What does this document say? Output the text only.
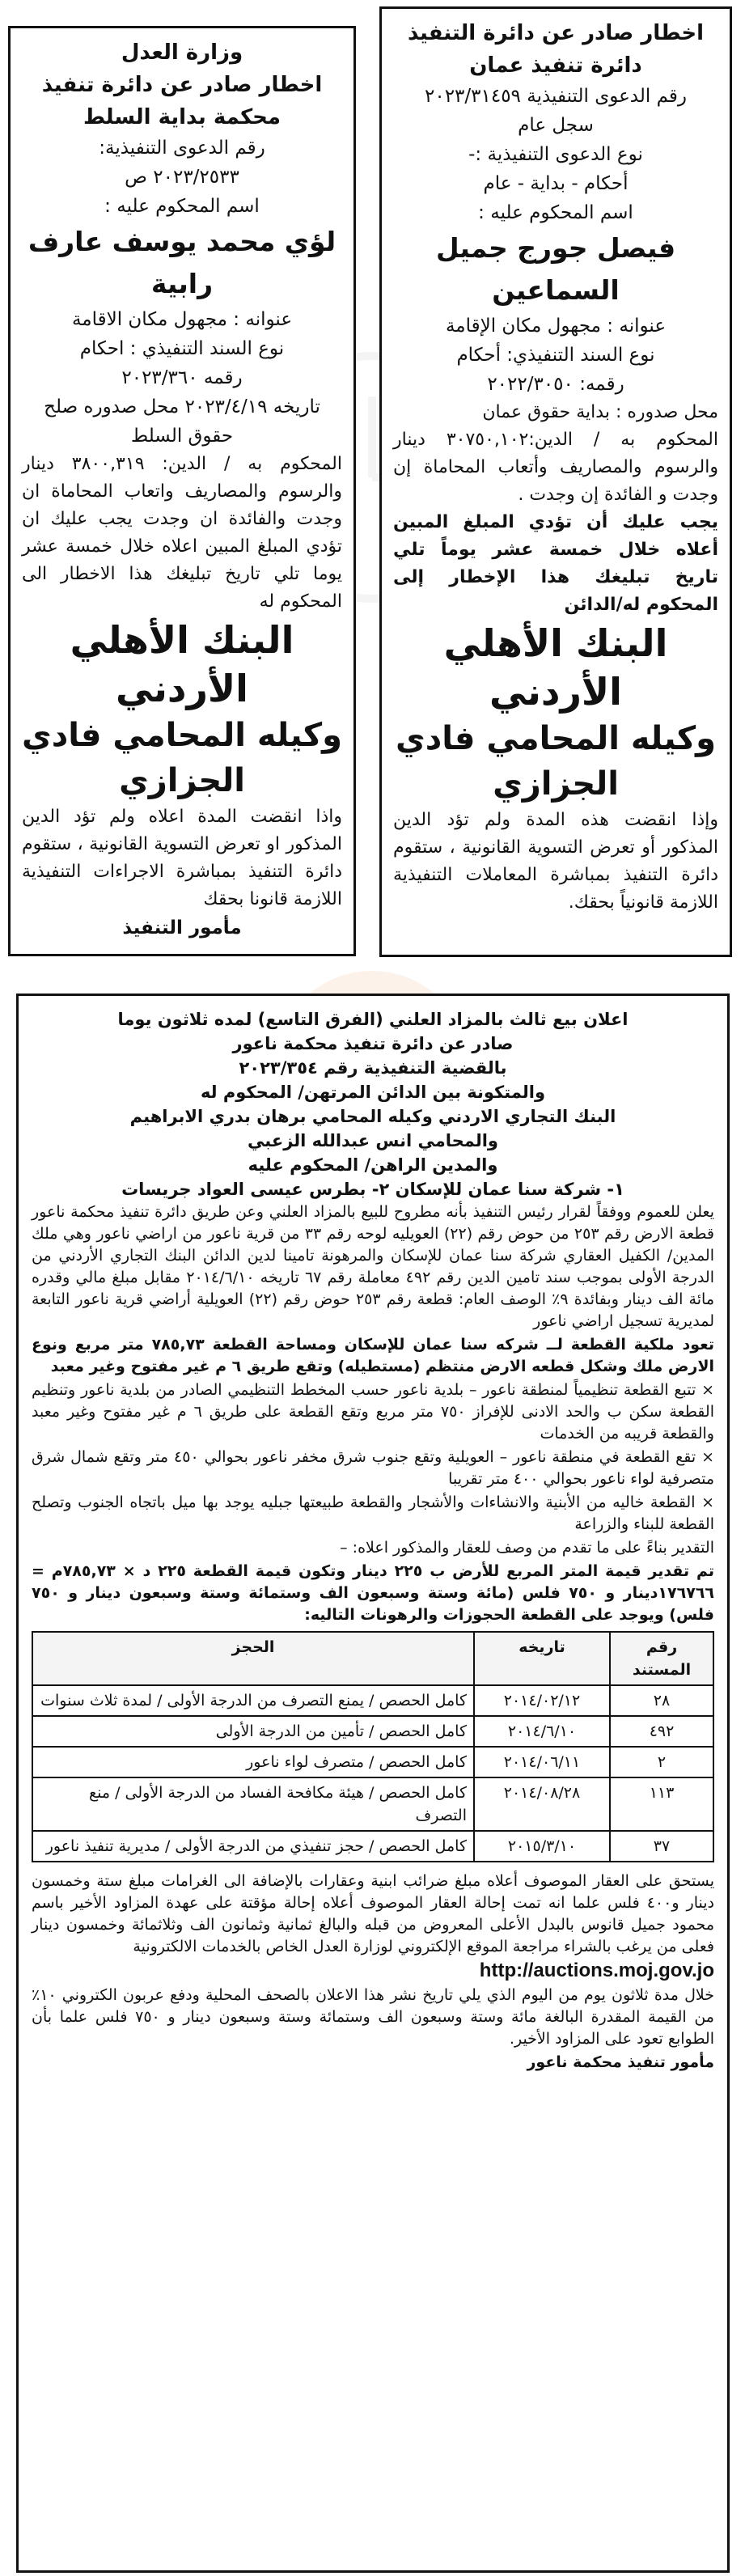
اخطار صادر عن دائرة التنفيذ
دائرة تنفيذ عمان
رقم الدعوى التنفيذية ٢٠٢٣/٣١٤٥٩
سجل عام
نوع الدعوى التنفيذية :-
أحكام - بداية - عام
اسم المحكوم عليه :
فيصل جورج جميل السماعين
عنوانه : مجهول مكان الإقامة
نوع السند التنفيذي: أحكام
رقمه: ٢٠٢٢/٣٠٥٠
محل صدوره : بداية حقوق عمان
المحكوم به / الدين:٣٠٧٥٠,١٠٢ دينار والرسوم والمصاريف وأتعاب المحاماة إن وجدت و الفائدة إن وجدت .
يجب عليك أن تؤدي المبلغ المبين أعلاه خلال خمسة عشر يوماً تلي تاريخ تبليغك هذا الإخطار إلى المحكوم له/الدائن
البنك الأهلي الأردني
وكيله المحامي فادي الجزازي
وإذا انقضت هذه المدة ولم تؤد الدين المذكور أو تعرض التسوية القانونية ، ستقوم دائرة التنفيذ بمباشرة المعاملات التنفيذية اللازمة قانونياً بحقك.
وزارة العدل
اخطار صادر عن دائرة تنفيذ محكمة بداية السلط
رقم الدعوى التنفيذية:
٢٠٢٣/٢٥٣٣ ص
اسم المحكوم عليه :
لؤي محمد يوسف عارف رابية
عنوانه : مجهول مكان الاقامة
نوع السند التنفيذي : احكام
رقمه ٢٠٢٣/٣٦٠
تاريخه ٢٠٢٣/٤/١٩ محل صدوره صلح حقوق السلط
المحكوم به / الدين: ٣٨٠٠,٣١٩ دينار والرسوم والمصاريف واتعاب المحاماة ان وجدت والفائدة ان وجدت يجب عليك ان تؤدي المبلغ المبين اعلاه خلال خمسة عشر يوما تلي تاريخ تبليغك هذا الاخطار الى المحكوم له
البنك الأهلي الأردني
وكيله المحامي فادي الجزازي
واذا انقضت المدة اعلاه ولم تؤد الدين المذكور او تعرض التسوية القانونية ، ستقوم دائرة التنفيذ بمباشرة الاجراءات التنفيذية اللازمة قانونا بحقك
مأمور التنفيذ
اعلان بيع ثالث بالمزاد العلني (الفرق التاسع) لمده ثلاثون يوما
صادر عن دائرة تنفيذ محكمة ناعور
بالقضية التنفيذية رقم ٢٠٢٣/٣٥٤
والمتكونة بين الدائن المرتهن/ المحكوم له
البنك التجاري الاردني وكيله المحامي برهان بدري الابراهيم
والمحامي انس عبدالله الزعبي
والمدين الراهن/ المحكوم عليه
١- شركة سنا عمان للإسكان ٢- بطرس عيسى العواد جريسات

يعلن للعموم ووفقاً لقرار رئيس التنفيذ بأنه مطروح للبيع بالمزاد العلني وعن طريق دائرة تنفيذ محكمة ناعور قطعة الارض رقم ٢٥٣ من حوض رقم (٢٢) العويليه لوحه رقم ٣٣ من قرية ناعور من اراضي ناعور وهي ملك المدين/ الكفيل العقاري شركة سنا عمان للإسكان والمرهونة تامينا لدين الدائن البنك التجاري الأردني من الدرجة الأولى بموجب سند تامين الدين رقم ٤٩٢ معاملة رقم ٦٧ تاريخه ٢٠١٤/٦/١٠ مقابل مبلغ مالي وقدره مائة الف دينار وبفائدة ٩٪ الوصف العام: قطعة رقم ٢٥٣ حوض رقم (٢٢) العويلية أراضي قرية ناعور التابعة لمديرية تسجيل اراضي ناعور

تعود ملكية القطعة لــ شركه سنا عمان للإسكان ومساحة القطعة ٧٨٥,٧٣ متر مربع ونوع الارض ملك وشكل قطعه الارض منتظم (مستطيله) وتقع طريق ٦ م غير مفتوح وغير معبد

× تتبع القطعة تنظيمياً لمنطقة ناعور – بلدية ناعور حسب المخطط التنظيمي الصادر من بلدية ناعور وتنظيم القطعة سكن ب والحد الادنى للإفراز ٧٥٠ متر مربع وتقع القطعة على طريق ٦ م غير مفتوح وغير معبد والقطعة قريبه من الخدمات

× تقع القطعة في منطقة ناعور – العويلية وتقع جنوب شرق مخفر ناعور بحوالي ٤٥٠ متر وتقع شمال شرق متصرفية لواء ناعور بحوالي ٤٠٠ متر تقريبا

× القطعة خاليه من الأبنية والانشاءات والأشجار والقطعة طبيعتها جبليه يوجد بها ميل باتجاه الجنوب وتصلح القطعة للبناء والزراعة

التقدير بناءً على ما تقدم من وصف للعقار والمذكور اعلاه: –

تم تقدير قيمة المتر المربع للأرض ب ٢٢٥ دينار وتكون قيمة القطعة ٢٢٥ د × ٧٨٥,٧٣م = ١٧٦٧٦٦دينار و ٧٥٠ فلس (مائة وستة وسبعون الف وستمائة وستة وسبعون دينار و ٧٥٠ فلس) ويوجد على القطعة الحجوزات والرهونات التاليه:

رقم المستند	تاريخه	الحجز
٢٨	٢٠١٤/٠٢/١٢	كامل الحصص / يمنع التصرف من الدرجة الأولى / لمدة ثلاث سنوات
٤٩٢	٢٠١٤/٦/١٠	كامل الحصص / تأمين من الدرجة الأولى
٢	٢٠١٤/٠٦/١١	كامل الحصص / متصرف لواء ناعور
١١٣	٢٠١٤/٠٨/٢٨	كامل الحصص / هيئة مكافحة الفساد من الدرجة الأولى / منع التصرف
٣٧	٢٠١٥/٣/١٠	كامل الحصص / حجز تنفيذي من الدرجة الأولى / مديرية تنفيذ ناعور

يستحق على العقار الموصوف أعلاه مبلغ ضرائب ابنية وعقارات بالإضافة الى الغرامات مبلغ ستة وخمسون دينار و٤٠٠ فلس علما انه تمت إحالة العقار الموصوف أعلاه إحالة مؤقتة على عهدة المزاود الأخير باسم محمود جميل قانوس بالبدل الأعلى المعروض من قبله والبالغ ثمانية وثمانون الف وثلاثمائة وخمسون دينار فعلى من يرغب بالشراء مراجعة الموقع الإلكتروني لوزارة العدل الخاص بالخدمات الالكترونية

http://auctions.moj.gov.jo

خلال مدة ثلاثون يوم من اليوم الذي يلي تاريخ نشر هذا الاعلان بالصحف المحلية ودفع عربون الكتروني ١٠٪ من القيمة المقدرة البالغة مائة وستة وسبعون الف وستمائة وستة وسبعون دينار و ٧٥٠ فلس علما بأن الطوابع تعود على المزاود الأخير.

مأمور تنفيذ محكمة ناعور
